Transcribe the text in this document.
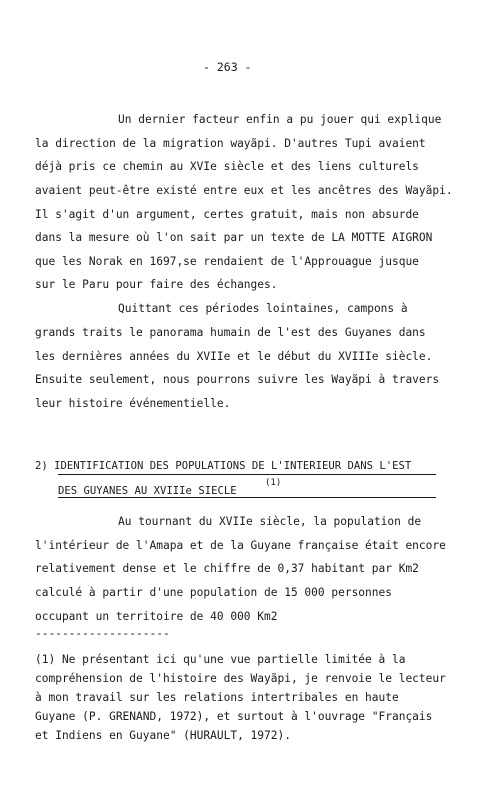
- 263 -
Un dernier facteur enfin a pu jouer qui explique
la direction de la migration wayãpi. D'autres Tupi avaient
déjà pris ce chemin au XVIe siècle et des liens culturels
avaient peut-être existé entre eux et les ancêtres des Wayãpi.
Il s'agit d'un argument, certes gratuit, mais non absurde
dans la mesure où l'on sait par un texte de LA MOTTE AIGRON
que les Norak en 1697,se rendaient de l'Approuague jusque
sur le Paru pour faire des échanges.
Quittant ces périodes lointaines, campons à
grands traits le panorama humain de l'est des Guyanes dans
les dernières années du XVIIe et le début du XVIIIe siècle.
Ensuite seulement, nous pourrons suivre les Wayãpi à travers
leur histoire événementielle.
2) IDENTIFICATION DES POPULATIONS DE L'INTERIEUR DANS L'EST
DES GUYANES AU XVIIIe SIECLE
(1)
Au tournant du XVIIe siècle, la population de
l'intérieur de l'Amapa et de la Guyane française était encore
relativement dense et le chiffre de 0,37 habitant par Km2
calculé à partir d'une population de 15 000 personnes
occupant un territoire de 40 000 Km2
--------------------
(1) Ne présentant ici qu'une vue partielle limitée à la
compréhension de l'histoire des Wayãpi, je renvoie le lecteur
à mon travail sur les relations intertribales en haute
Guyane (P. GRENAND, 1972), et surtout à l'ouvrage "Français
et Indiens en Guyane" (HURAULT, 1972).
